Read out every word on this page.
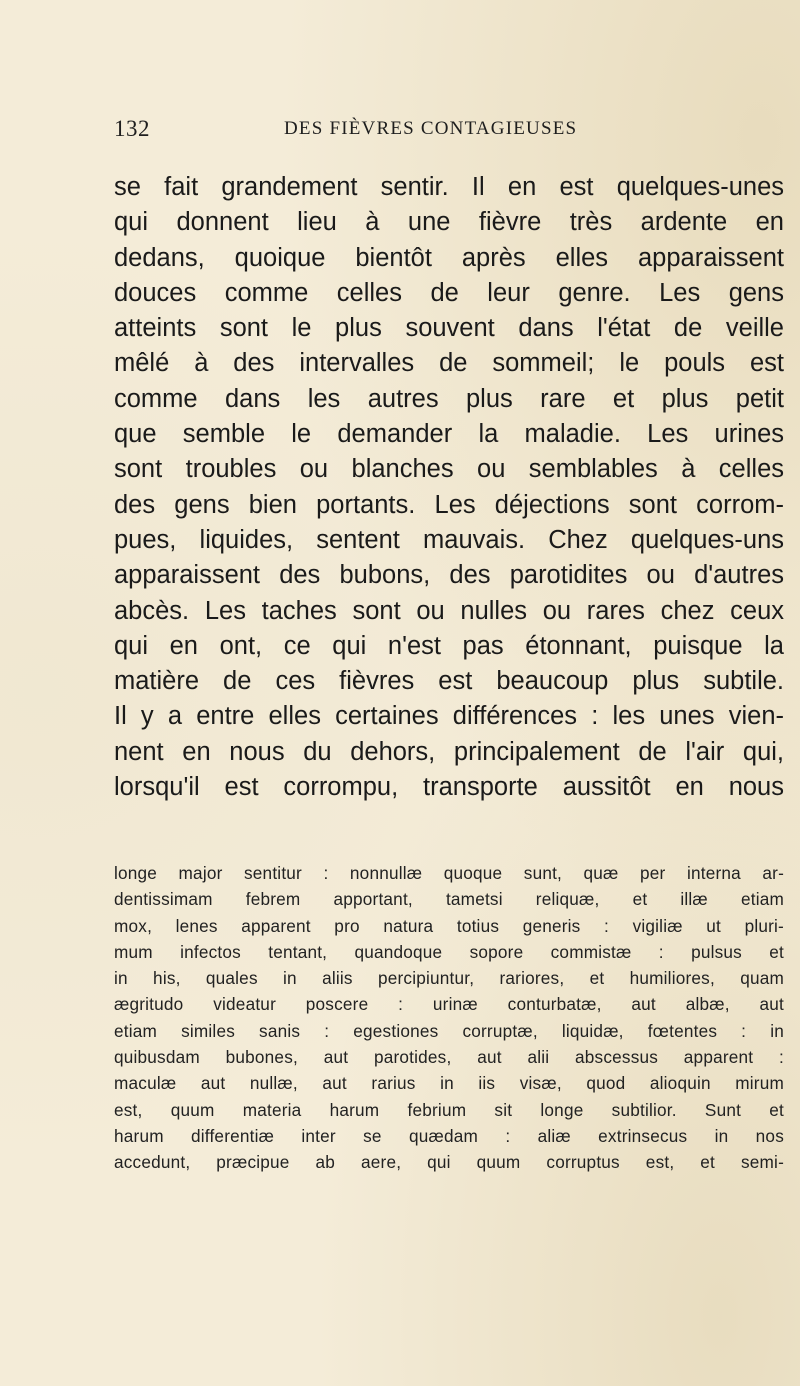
132	DES FIÈVRES CONTAGIEUSES
se fait grandement sentir. Il en est quelques-unes
qui donnent lieu à une fièvre très ardente en
dedans, quoique bientôt après elles apparaissent
douces comme celles de leur genre. Les gens
atteints sont le plus souvent dans l'état de veille
mêlé à des intervalles de sommeil; le pouls est
comme dans les autres plus rare et plus petit
que semble le demander la maladie. Les urines
sont troubles ou blanches ou semblables à celles
des gens bien portants. Les déjections sont corrom-
pues, liquides, sentent mauvais. Chez quelques-uns
apparaissent des bubons, des parotidites ou d'autres
abcès. Les taches sont ou nulles ou rares chez ceux
qui en ont, ce qui n'est pas étonnant, puisque la
matière de ces fièvres est beaucoup plus subtile.
Il y a entre elles certaines différences : les unes vien-
nent en nous du dehors, principalement de l'air qui,
lorsqu'il est corrompu, transporte aussitôt en nous
longe major sentitur : nonnullæ quoque sunt, quæ per interna ar-
dentissimam febrem apportant, tametsi reliquæ, et illæ etiam
mox, lenes apparent pro natura totius generis : vigiliæ ut pluri-
mum infectos tentant, quandoque sopore commistæ : pulsus et
in his, quales in aliis percipiuntur, rariores, et humiliores, quam
ægritudo videatur poscere : urinæ conturbatæ, aut albæ, aut
etiam similes sanis : egestiones corruptæ, liquidæ, fœtentes : in
quibusdam bubones, aut parotides, aut alii abscessus apparent :
maculæ aut nullæ, aut rarius in iis visæ, quod alioquin mirum
est, quum materia harum febrium sit longe subtilior. Sunt et
harum differentiæ inter se quædam : aliæ extrinsecus in nos
accedunt, præcipue ab aere, qui quum corruptus est, et semi-
